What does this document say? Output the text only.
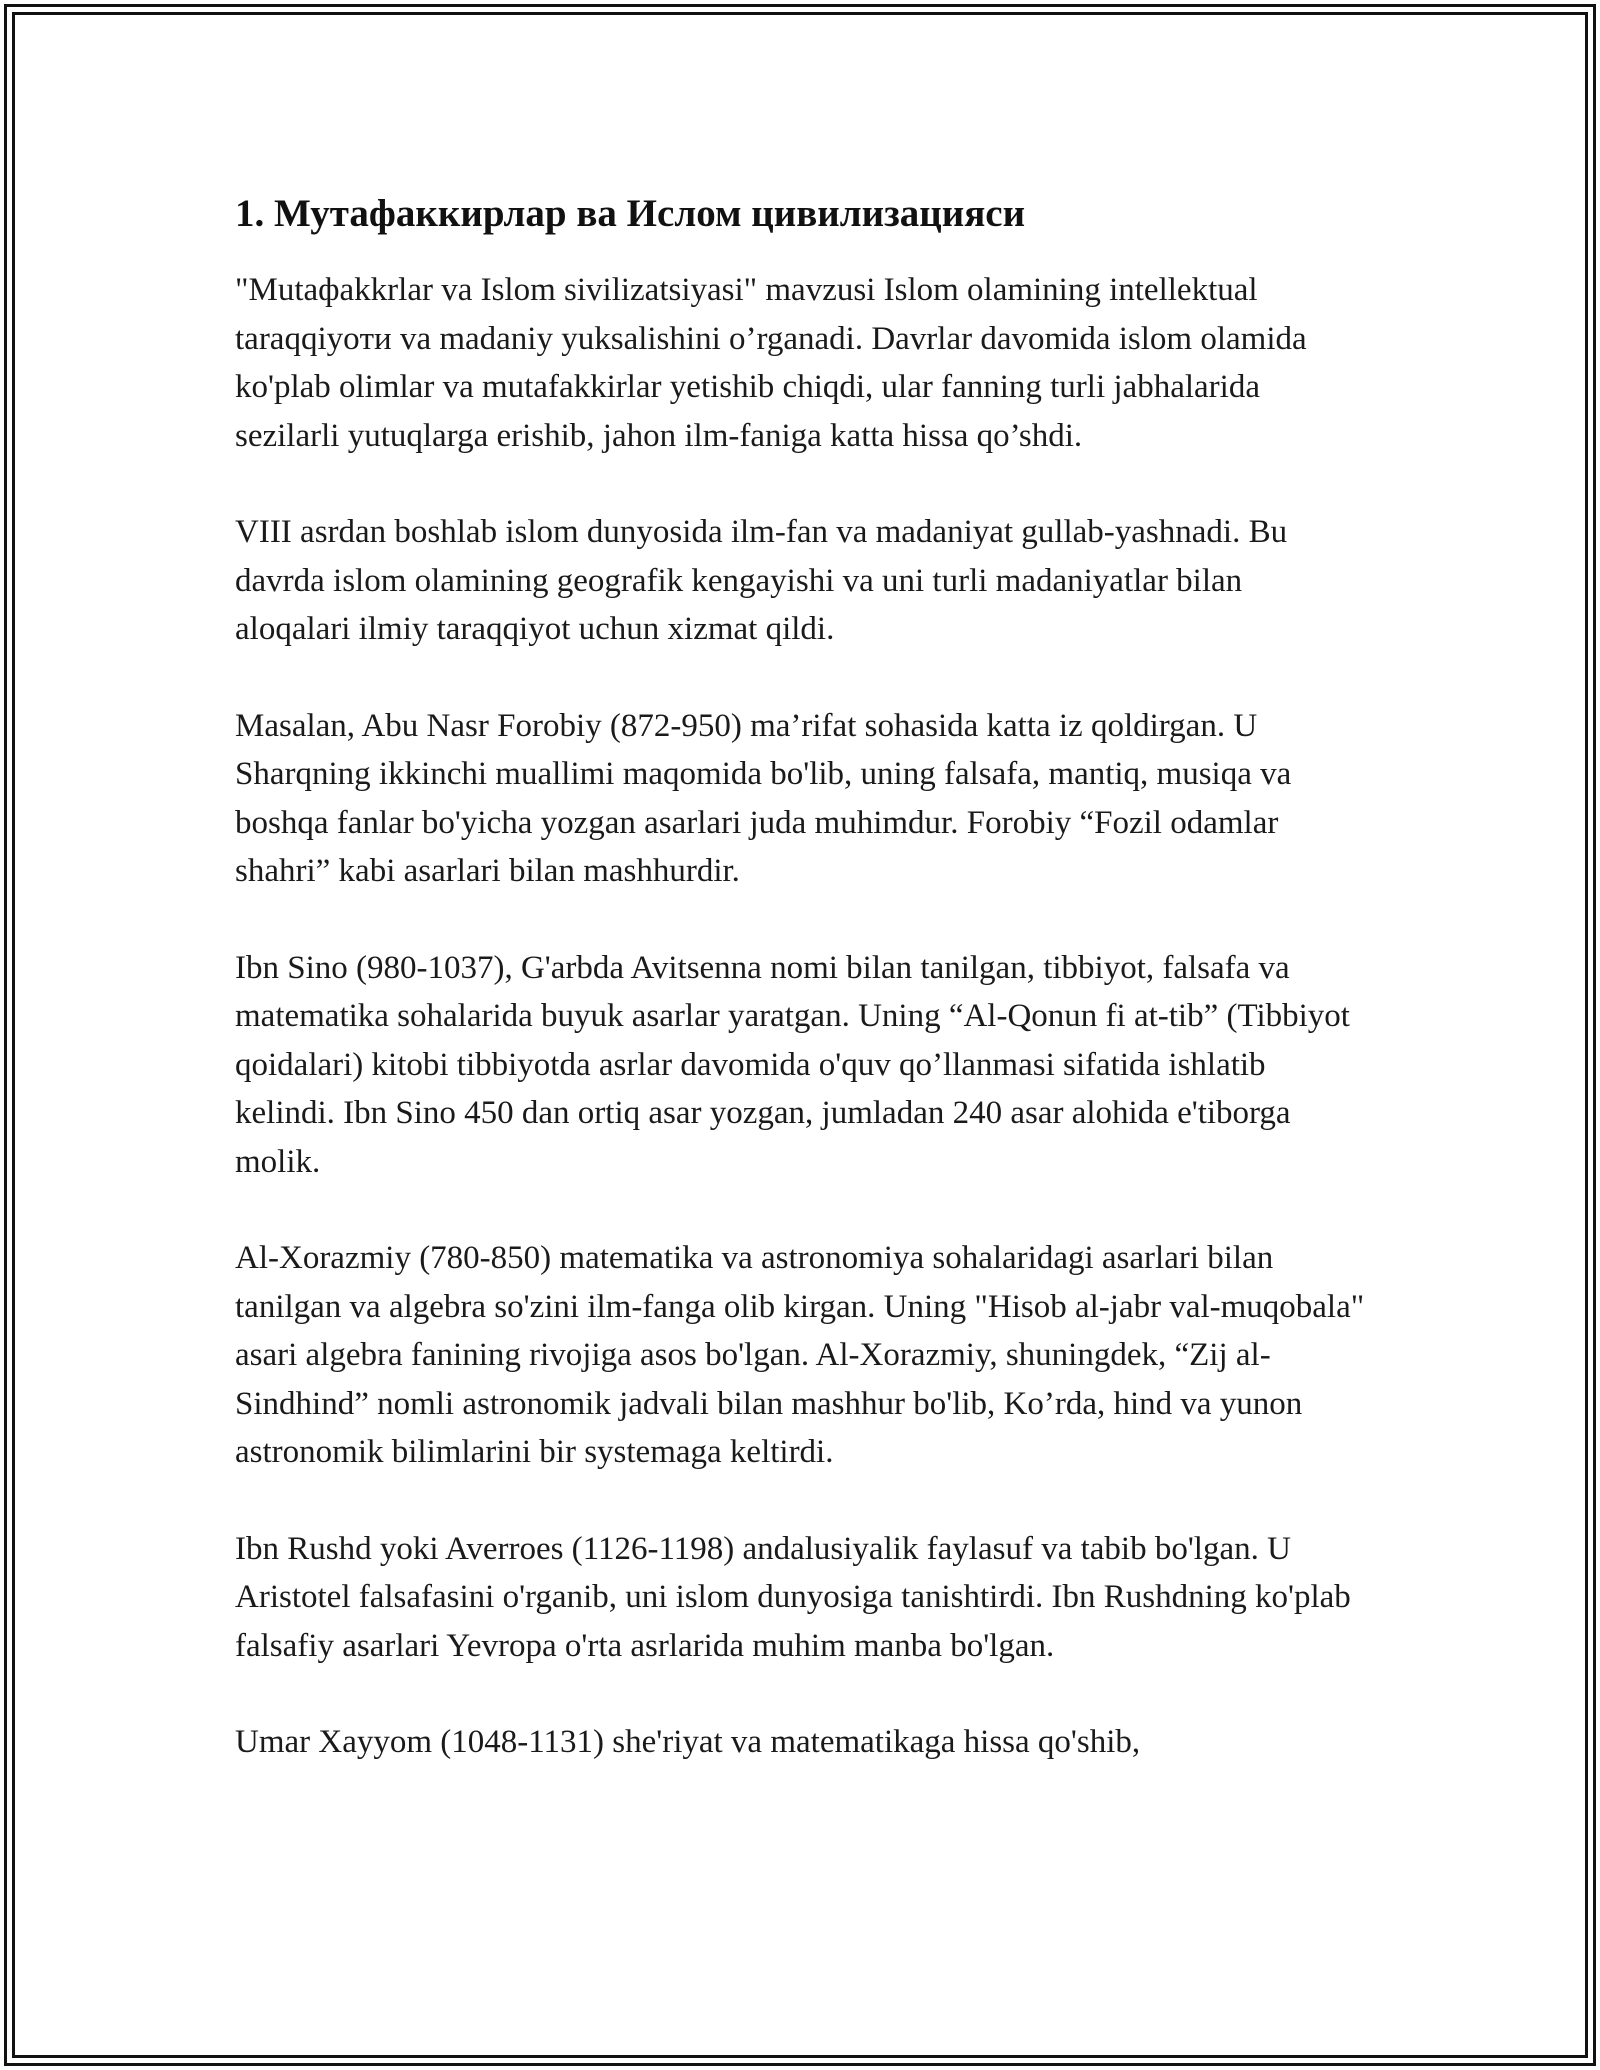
1. Мутафаккирлар ва Ислом цивилизацияси

"Mutaфakkrlar va Islom sivilizatsiyasi" mavzusi Islom olamining intellektual taraqqiyoти va madaniy yuksalishini o’rganadi. Davrlar davomida islom olamida ko'plab olimlar va mutafakkirlar yetishib chiqdi, ular fanning turli jabhalarida sezilarli yutuqlarga erishib, jahon ilm-faniga katta hissa qo’shdi.

VIII asrdan boshlab islom dunyosida ilm-fan va madaniyat gullab-yashnadi. Bu davrda islom olamining geografik kengayishi va uni turli madaniyatlar bilan aloqalari ilmiy taraqqiyot uchun xizmat qildi.

Masalan, Abu Nasr Forobiy (872-950) ma’rifat sohasida katta iz qoldirgan. U Sharqning ikkinchi muallimi maqomida bo'lib, uning falsafa, mantiq, musiqa va boshqa fanlar bo'yicha yozgan asarlari juda muhimdur. Forobiy “Fozil odamlar shahri” kabi asarlari bilan mashhurdir.

Ibn Sino (980-1037), G'arbda Avitsenna nomi bilan tanilgan, tibbiyot, falsafa va matematika sohalarida buyuk asarlar yaratgan. Uning “Al-Qonun fi at-tib” (Tibbiyot qoidalari) kitobi tibbiyotda asrlar davomida o'quv qo’llanmasi sifatida ishlatib kelindi. Ibn Sino 450 dan ortiq asar yozgan, jumladan 240 asar alohida e'tiborga molik.

Al-Xorazmiy (780-850) matematika va astronomiya sohalaridagi asarlari bilan tanilgan va algebra so'zini ilm-fanga olib kirgan. Uning "Hisob al-jabr val-muqobala" asari algebra fanining rivojiga asos bo'lgan. Al-Xorazmiy, shuningdek, “Zij al-Sindhind” nomli astronomik jadvali bilan mashhur bo'lib, Ko’rda, hind va yunon astronomik bilimlarini bir systemaga keltirdi.

Ibn Rushd yoki Averroes (1126-1198) andalusiyalik faylasuf va tabib bo'lgan. U Aristotel falsafasini o'rganib, uni islom dunyosiga tanishtirdi. Ibn Rushdning ko'plab falsafiy asarlari Yevropa o'rta asrlarida muhim manba bo'lgan.

Umar Xayyom (1048-1131) she'riyat va matematikaga hissa qo'shib,
